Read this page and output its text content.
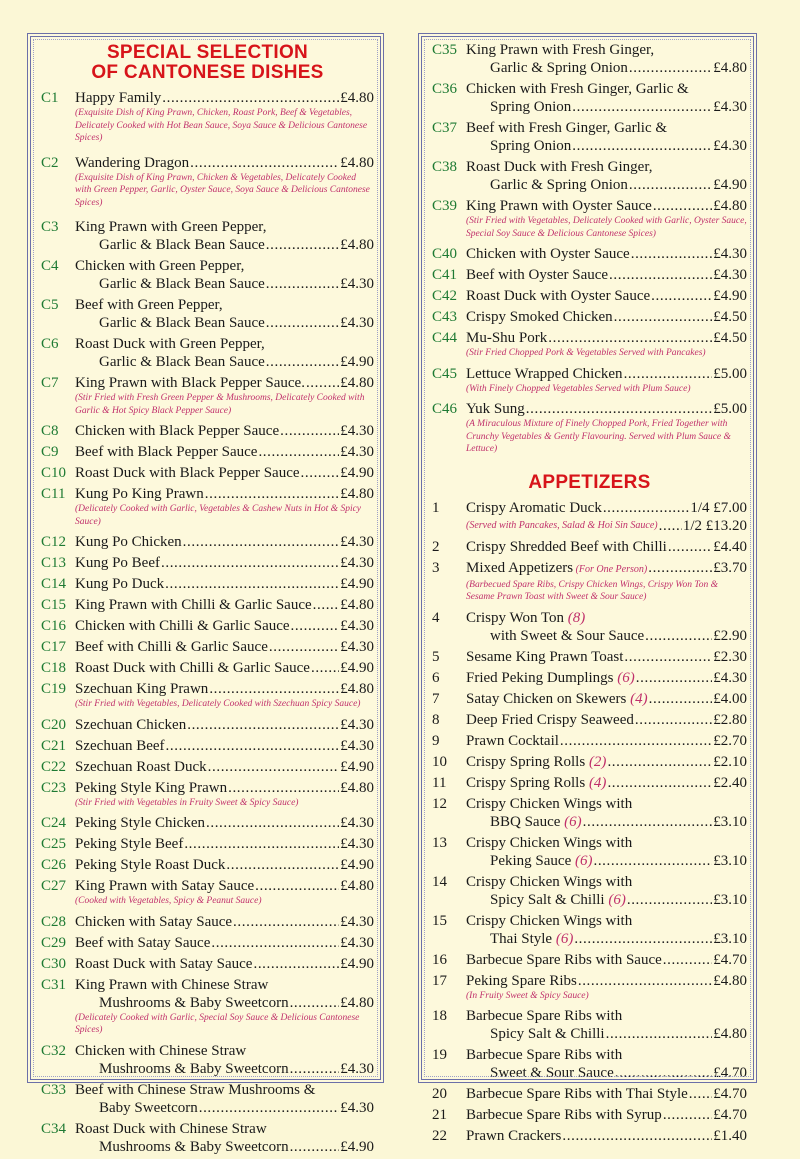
SPECIAL SELECTION
OF CANTONESE DISHES
C1	Happy Family .....	£4.80
(Exquisite Dish of King Prawn, Chicken, Roast Pork, Beef & Vegetables, Delicately Cooked with Hot Bean Sauce, Soya Sauce & Delicious Cantonese Spices)
C2	Wandering Dragon .....	£4.80
(Exquisite Dish of King Prawn, Chicken & Vegetables, Delicately Cooked with Green Pepper, Garlic, Oyster Sauce, Soya Sauce & Delicious Cantonese Spices)
C3	King Prawn with Green Pepper,
Garlic & Black Bean Sauce .....	£4.80
C4	Chicken with Green Pepper,
Garlic & Black Bean Sauce .....	£4.30
C5	Beef with Green Pepper,
Garlic & Black Bean Sauce .....	£4.30
C6	Roast Duck with Green Pepper,
Garlic & Black Bean Sauce .....	£4.90
C7	King Prawn with Black Pepper Sauce. ..... £4.80
(Stir Fried with Fresh Green Pepper & Mushrooms, Delicately Cooked with Garlic & Hot Spicy Black Pepper Sauce)
C8	Chicken with Black Pepper Sauce .....	£4.30
C9	Beef with Black Pepper Sauce .....	£4.30
C10 Roast Duck with Black Pepper Sauce .....	£4.90
C11 Kung Po King Prawn .....	£4.80
(Delicately Cooked with Garlic, Vegetables & Cashew Nuts in Hot & Spicy Sauce)
C12 Kung Po Chicken .....	£4.30
C13 Kung Po Beef .....	£4.30
C14 Kung Po Duck .....	£4.90
C15 King Prawn with Chilli & Garlic Sauce ..... £4.80
C16 Chicken with Chilli & Garlic Sauce .....	£4.30
C17 Beef with Chilli & Garlic Sauce .....	£4.30
C18 Roast Duck with Chilli & Garlic Sauce ..... £4.90
C19 Szechuan King Prawn .....	£4.80
(Stir Fried with Vegetables, Delicately Cooked with Szechuan Spicy Sauce)
C20 Szechuan Chicken .....	£4.30
C21 Szechuan Beef .....	£4.30
C22 Szechuan Roast Duck .....	£4.90
C23 Peking Style King Prawn .....	£4.80
(Stir Fried with Vegetables in Fruity Sweet & Spicy Sauce)
C24 Peking Style Chicken .....	£4.30
C25 Peking Style Beef .....	£4.30
C26 Peking Style Roast Duck .....	£4.90
C27 King Prawn with Satay Sauce .....	£4.80
(Cooked with Vegetables, Spicy & Peanut Sauce)
C28 Chicken with Satay Sauce .....	£4.30
C29 Beef with Satay Sauce .....	£4.30
C30 Roast Duck with Satay Sauce .....	£4.90
C31 King Prawn with Chinese Straw
Mushrooms & Baby Sweetcorn .....	£4.80
(Delicately Cooked with Garlic, Special Soy Sauce & Delicious Cantonese Spices)
C32 Chicken with Chinese Straw
Mushrooms & Baby Sweetcorn .....	£4.30
C33 Beef with Chinese Straw Mushrooms &
Baby Sweetcorn .....	£4.30
C34 Roast Duck with Chinese Straw
Mushrooms & Baby Sweetcorn .....	£4.90
C35 King Prawn with Fresh Ginger,
Garlic & Spring Onion .....	£4.80
C36 Chicken with Fresh Ginger, Garlic &
Spring Onion .....	£4.30
C37 Beef with Fresh Ginger, Garlic &
Spring Onion .....	£4.30
C38 Roast Duck with Fresh Ginger,
Garlic & Spring Onion .....	£4.90
C39 King Prawn with Oyster Sauce .....	£4.80
(Stir Fried with Vegetables, Delicately Cooked with Garlic, Oyster Sauce, Special Soy Sauce & Delicious Cantonese Spices)
C40 Chicken with Oyster Sauce .....	£4.30
C41 Beef with Oyster Sauce .....	£4.30
C42 Roast Duck with Oyster Sauce .....	£4.90
C43 Crispy Smoked Chicken .....	£4.50
C44 Mu-Shu Pork .....	£4.50
(Stir Fried Chopped Pork & Vegetables Served with Pancakes)
C45 Lettuce Wrapped Chicken .....	£5.00
(With Finely Chopped Vegetables Served with Plum Sauce)
C46 Yuk Sung .....	£5.00
(A Miraculous Mixture of Finely Chopped Pork, Fried Together with Crunchy Vegetables & Gently Flavouring. Served with Plum Sauce & Lettuce)
APPETIZERS
1	Crispy Aromatic Duck .....	1/4 £7.00
(Served with Pancakes, Salad & Hoi Sin Sauce) ..... 1/2 £13.20
2	Crispy Shredded Beef with Chilli .....	£4.40
3	Mixed Appetizers (For One Person) .....	£3.70
(Barbecued Spare Ribs, Crispy Chicken Wings, Crispy Won Ton & Sesame Prawn Toast with Sweet & Sour Sauce)
4	Crispy Won Ton (8)
with Sweet & Sour Sauce .....	£2.90
5	Sesame King Prawn Toast .....	£2.30
6	Fried Peking Dumplings (6) .....	£4.30
7	Satay Chicken on Skewers (4) .....	£4.00
8	Deep Fried Crispy Seaweed .....	£2.80
9	Prawn Cocktail .....	£2.70
10	Crispy Spring Rolls (2) .....	£2.10
11	Crispy Spring Rolls (4) .....	£2.40
12	Crispy Chicken Wings with
BBQ Sauce (6) .....	£3.10
13	Crispy Chicken Wings with
Peking Sauce (6) .....	£3.10
14	Crispy Chicken Wings with
Spicy Salt & Chilli (6) .....	£3.10
15	Crispy Chicken Wings with
Thai Style (6) .....	£3.10
16	Barbecue Spare Ribs with Sauce .....	£4.70
17	Peking Spare Ribs .....	£4.80
(In Fruity Sweet & Spicy Sauce)
18	Barbecue Spare Ribs with
Spicy Salt & Chilli .....	£4.80
19	Barbecue Spare Ribs with
Sweet & Sour Sauce .....	£4.70
20	Barbecue Spare Ribs with Thai Style ..... £4.70
21	Barbecue Spare Ribs with Syrup .....	£4.70
22	Prawn Crackers .....	£1.40
